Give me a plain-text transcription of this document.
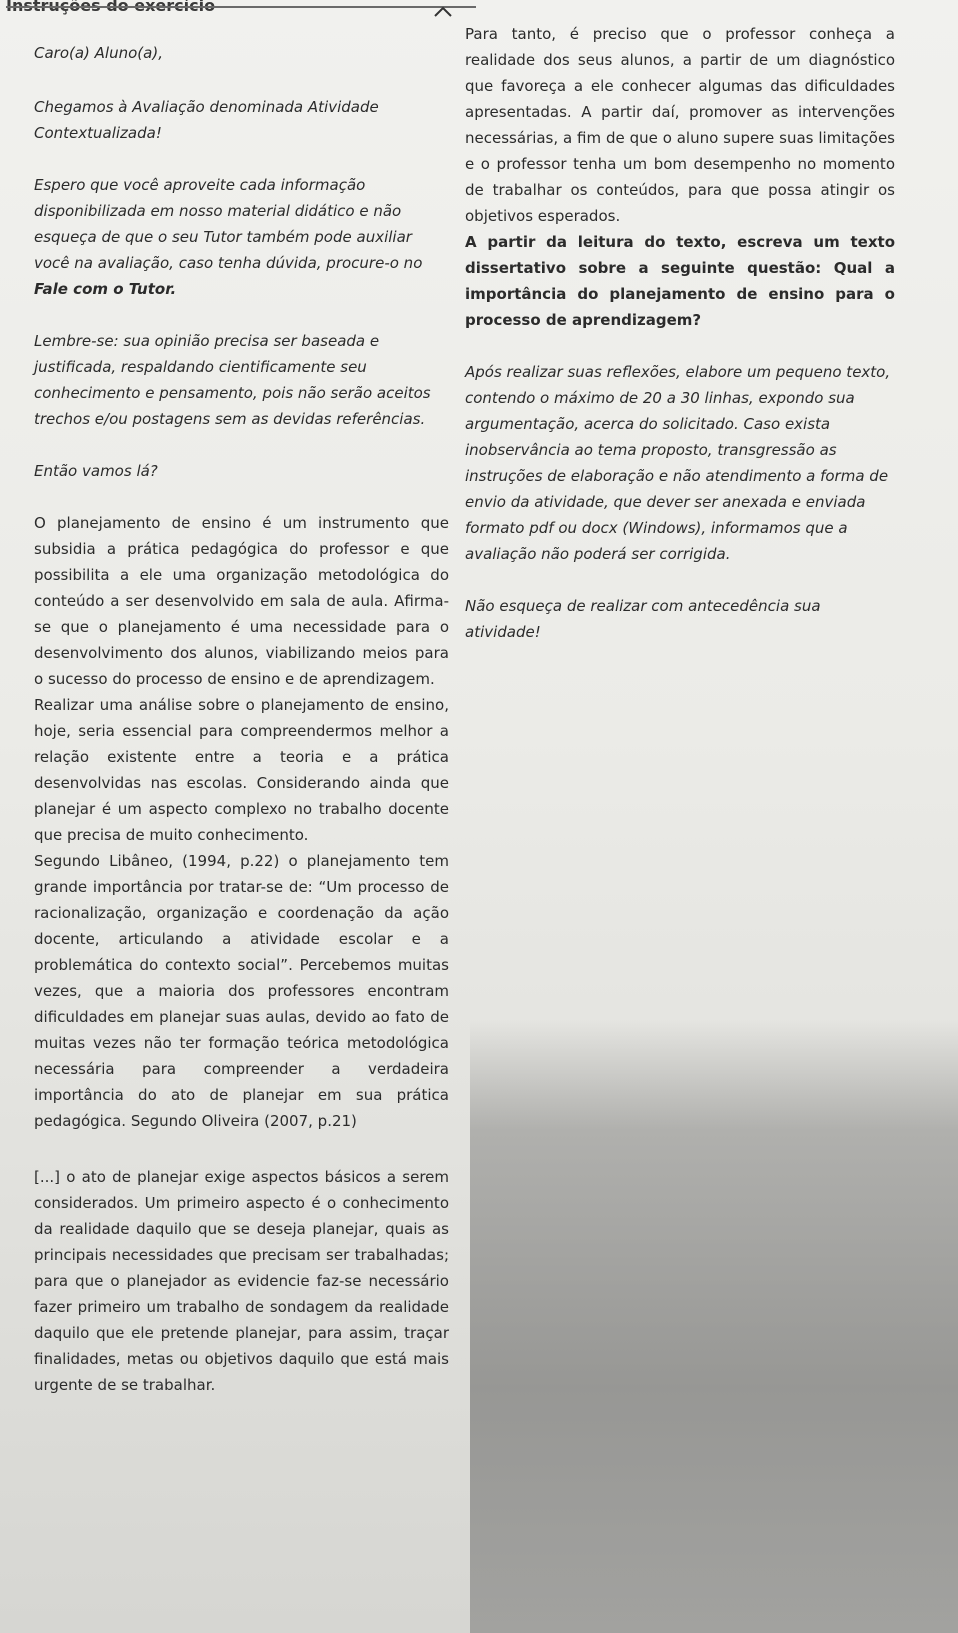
Caro(a) Aluno(a),

Chegamos à Avaliação denominada Atividade Contextualizada!

Espero que você aproveite cada informação disponibilizada em nosso material didático e não esqueça de que o seu Tutor também pode auxiliar você na avaliação, caso tenha dúvida, procure-o no

Fale com o Tutor.

Lembre-se: sua opinião precisa ser baseada e justificada, respaldando cientificamente seu conhecimento e pensamento, pois não serão aceitos trechos e/ou postagens sem as devidas referências.

Então vamos lá?

O planejamento de ensino é um instrumento que subsidia a prática pedagógica do professor e que possibilita a ele uma organização metodológica do conteúdo a ser desenvolvido em sala de aula. Afirma-se que o planejamento é uma necessidade para o desenvolvimento dos alunos, viabilizando meios para o sucesso do processo de ensino e de aprendizagem.

Realizar uma análise sobre o planejamento de ensino, hoje, seria essencial para compreendermos melhor a relação existente entre a teoria e a prática desenvolvidas nas escolas. Considerando ainda que planejar é um aspecto complexo no trabalho docente que precisa de muito conhecimento.

Segundo Libâneo, (1994, p.22) o planejamento tem grande importância por tratar-se de: “Um processo de racionalização, organização e coordenação da ação docente, articulando a atividade escolar e a problemática do contexto social”. Percebemos muitas vezes, que a maioria dos professores encontram dificuldades em planejar suas aulas, devido ao fato de muitas vezes não ter formação teórica metodológica necessária para compreender a verdadeira importância do ato de planejar em sua prática pedagógica. Segundo Oliveira (2007, p.21)

[...] o ato de planejar exige aspectos básicos a serem considerados. Um primeiro aspecto é o conhecimento da realidade daquilo que se deseja planejar, quais as principais necessidades que precisam ser trabalhadas; para que o planejador as evidencie faz-se necessário fazer primeiro um trabalho de sondagem da realidade daquilo que ele pretende planejar, para assim, traçar finalidades, metas ou objetivos daquilo que está mais urgente de se trabalhar.

Para tanto, é preciso que o professor conheça a realidade dos seus alunos, a partir de um diagnóstico que favoreça a ele conhecer algumas das dificuldades apresentadas. A partir daí, promover as intervenções necessárias, a fim de que o aluno supere suas limitações e o professor tenha um bom desempenho no momento de trabalhar os conteúdos, para que possa atingir os objetivos esperados.

A partir da leitura do texto, escreva um texto dissertativo sobre a seguinte questão: Qual a importância do planejamento de ensino para o processo de aprendizagem?

Após realizar suas reflexões, elabore um pequeno texto, contendo o máximo de 20 a 30 linhas, expondo sua argumentação, acerca do solicitado. Caso exista inobservância ao tema proposto, transgressão as instruções de elaboração e não atendimento a forma de envio da atividade, que dever ser anexada e enviada formato pdf ou docx (Windows), informamos que a avaliação não poderá ser corrigida.

Não esqueça de realizar com antecedência sua atividade!
